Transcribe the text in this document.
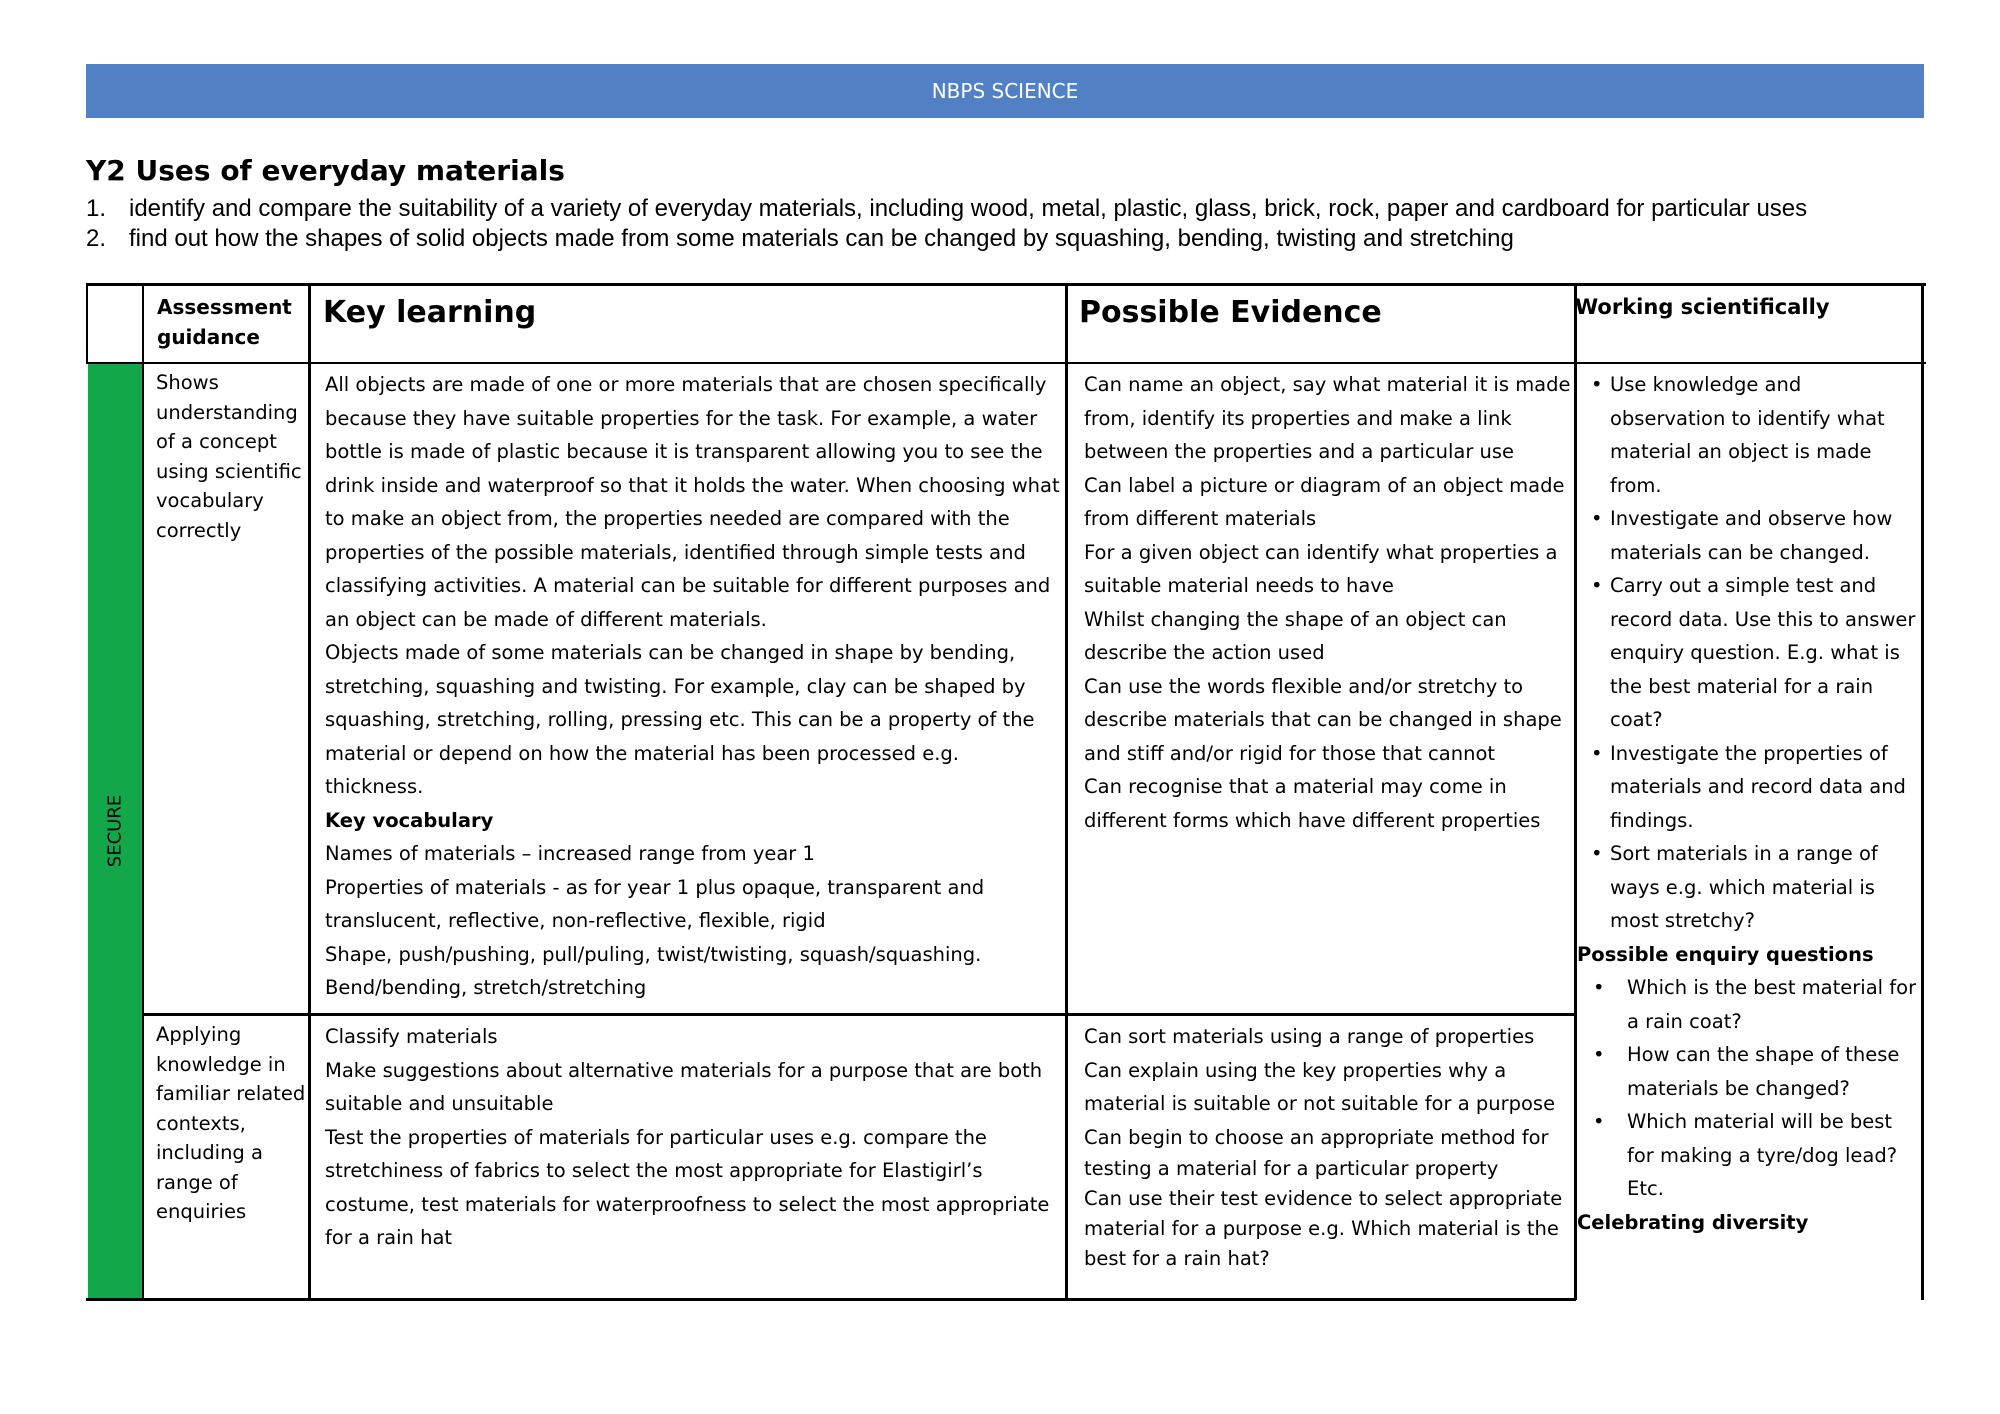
NBPS SCIENCE
Y2 Uses of everyday materials
1. identify and compare the suitability of a variety of everyday materials, including wood, metal, plastic, glass, brick, rock, paper and cardboard for particular uses
2. find out how the shapes of solid objects made from some materials can be changed by squashing, bending, twisting and stretching
SECURE
Assessment guidance
Key learning	Possible Evidence	Working scientifically

Shows understanding of a concept using scientific vocabulary correctly

All objects are made of one or more materials that are chosen specifically because they have suitable properties for the task. For example, a water bottle is made of plastic because it is transparent allowing you to see the drink inside and waterproof so that it holds the water. When choosing what to make an object from, the properties needed are compared with the properties of the possible materials, identified through simple tests and classifying activities. A material can be suitable for different purposes and an object can be made of different materials.

Objects made of some materials can be changed in shape by bending, stretching, squashing and twisting. For example, clay can be shaped by squashing, stretching, rolling, pressing etc. This can be a property of the material or depend on how the material has been processed e.g. thickness.

Key vocabulary

Names of materials – increased range from year 1

Properties of materials - as for year 1 plus opaque, transparent and translucent, reflective, non-reflective, flexible, rigid

Shape, push/pushing, pull/puling, twist/twisting, squash/squashing. Bend/bending, stretch/stretching

Can name an object, say what material it is made from, identify its properties and make a link between the properties and a particular use

Can label a picture or diagram of an object made from different materials

For a given object can identify what properties a suitable material needs to have

Whilst changing the shape of an object can describe the action used

Can use the words flexible and/or stretchy to describe materials that can be changed in shape and stiff and/or rigid for those that cannot

Can recognise that a material may come in different forms which have different properties

Applying knowledge in familiar related contexts, including a range of enquiries

Classify materials

Make suggestions about alternative materials for a purpose that are both suitable and unsuitable

Test the properties of materials for particular uses e.g. compare the stretchiness of fabrics to select the most appropriate for Elastigirl’s costume, test materials for waterproofness to select the most appropriate for a rain hat

Can sort materials using a range of properties

Can explain using the key properties why a material is suitable or not suitable for a purpose

Can begin to choose an appropriate method for

testing a material for a particular property

Can use their test evidence to select appropriate material for a purpose e.g. Which material is the best for a rain hat?

• Use knowledge and observation to identify what material an object is made from.
• Investigate and observe how materials can be changed.
• Carry out a simple test and record data. Use this to answer enquiry question. E.g. what is the best material for a rain coat?
• Investigate the properties of materials and record data and findings.
• Sort materials in a range of ways e.g. which material is most stretchy?

Possible enquiry questions

• Which is the best material for a rain coat?
• How can the shape of these materials be changed?
• Which material will be best for making a tyre/dog lead?

Etc.

Celebrating diversity
